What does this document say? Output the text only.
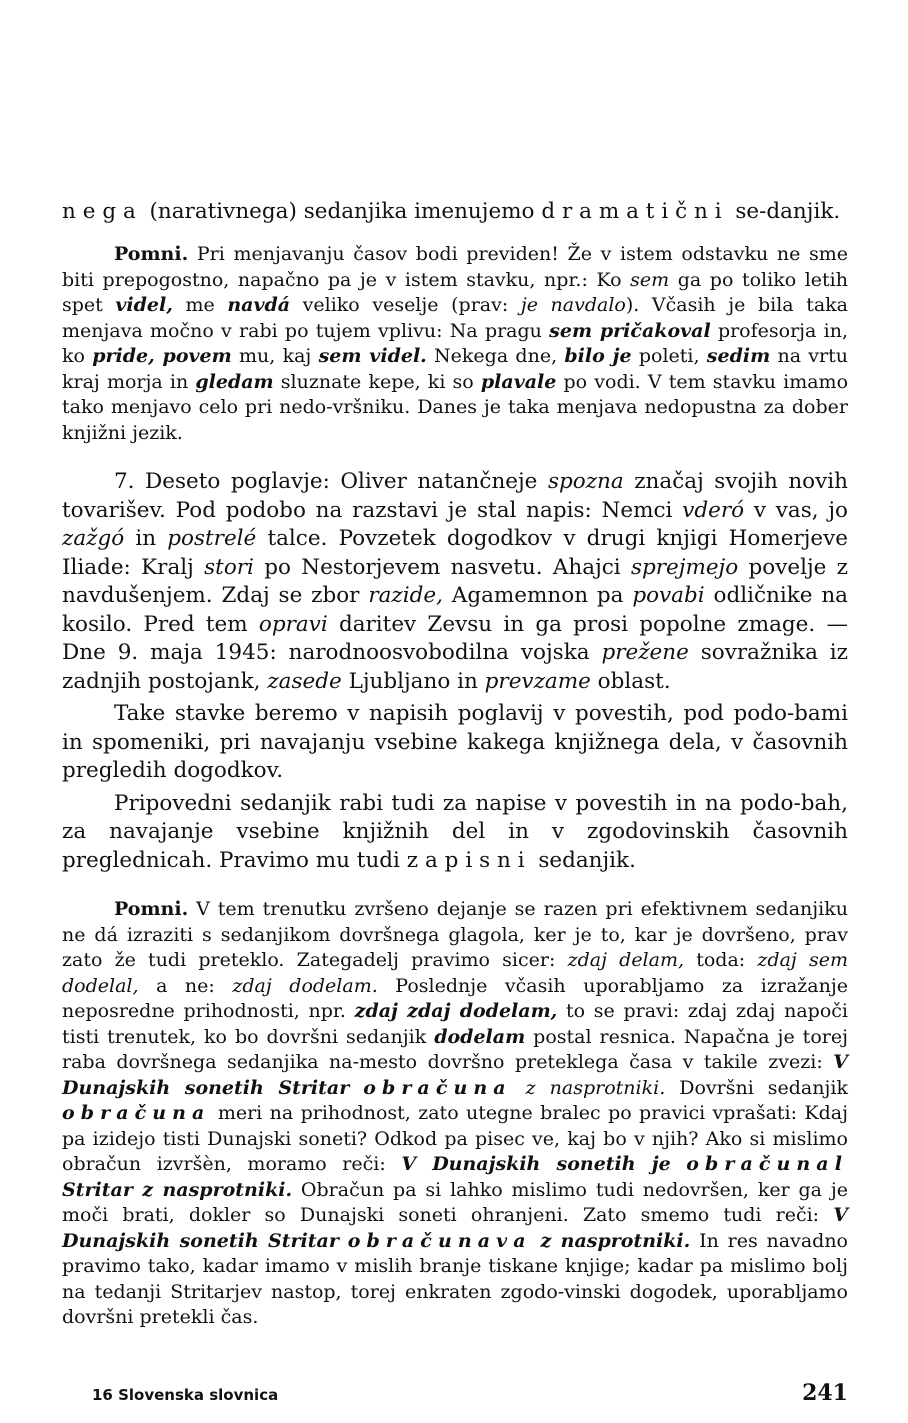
nega (narativnega) sedanjika imenujemo dramatični se-danjik.

Pomni. Pri menjavanju časov bodi previden! Že v istem odstavku ne sme biti prepogostno, napačno pa je v istem stavku, npr.: Ko sem ga po toliko letih spet videl, me navdá veliko veselje (prav: je navdalo). Včasih je bila taka menjava močno v rabi po tujem vplivu: Na pragu sem pričakoval profesorja in, ko pride, povem mu, kaj sem videl. Nekega dne, bilo je poleti, sedim na vrtu kraj morja in gledam sluznate kepe, ki so plavale po vodi. V tem stavku imamo tako menjavo celo pri nedo-vršniku. Danes je taka menjava nedopustna za dober knjižni jezik.

7. Deseto poglavje: Oliver natančneje spozna značaj svojih novih tovarišev. Pod podobo na razstavi je stal napis: Nemci vderó v vas, jo zažgó in postrelé talce. Povzetek dogodkov v drugi knjigi Homerjeve Iliade: Kralj stori po Nestorjevem nasvetu. Ahajci sprejmejo povelje z navdušenjem. Zdaj se zbor razide, Agamemnon pa povabi odličnike na kosilo. Pred tem opravi daritev Zevsu in ga prosi popolne zmage. — Dne 9. maja 1945: narodnoosvobodilna vojska prežene sovražnika iz zadnjih postojank, zasede Ljubljano in prevzame oblast.

Take stavke beremo v napisih poglavij v povestih, pod podo-bami in spomeniki, pri navajanju vsebine kakega knjižnega dela, v časovnih pregledih dogodkov.

Pripovedni sedanjik rabi tudi za napise v povestih in na podo-bah, za navajanje vsebine knjižnih del in v zgodovinskih časovnih preglednicah. Pravimo mu tudi zapisni sedanjik.

Pomni. V tem trenutku zvršeno dejanje se razen pri efektivnem sedanjiku ne dá izraziti s sedanjikom dovršnega glagola, ker je to, kar je dovršeno, prav zato že tudi preteklo. Zategadelj pravimo sicer: zdaj delam, toda: zdaj sem dodelal, a ne: zdaj dodelam. Poslednje včasih uporabljamo za izražanje neposredne prihodnosti, npr. zdaj zdaj dodelam, to se pravi: zdaj zdaj napoči tisti trenutek, ko bo dovršni sedanjik dodelam postal resnica. Napačna je torej raba dovršnega sedanjika na-mesto dovršno preteklega časa v takile zvezi: V Dunajskih sonetih Stritar obračuna z nasprotniki. Dovršni sedanjik obračuna meri na prihodnost, zato utegne bralec po pravici vprašati: Kdaj pa izidejo tisti Dunajski soneti? Odkod pa pisec ve, kaj bo v njih? Ako si mislimo obračun izvršèn, moramo reči: V Dunajskih sonetih je obračunal Stritar z nasprotniki. Obračun pa si lahko mislimo tudi nedovršen, ker ga je moči brati, dokler so Dunajski soneti ohranjeni. Zato smemo tudi reči: V Dunajskih sonetih Stritar obračunava z nasprotniki. In res navadno pravimo tako, kadar imamo v mislih branje tiskane knjige; kadar pa mislimo bolj na tedanji Stritarjev nastop, torej enkraten zgodo-vinski dogodek, uporabljamo dovršni pretekli čas.

16 Slovenska slovnica	241
